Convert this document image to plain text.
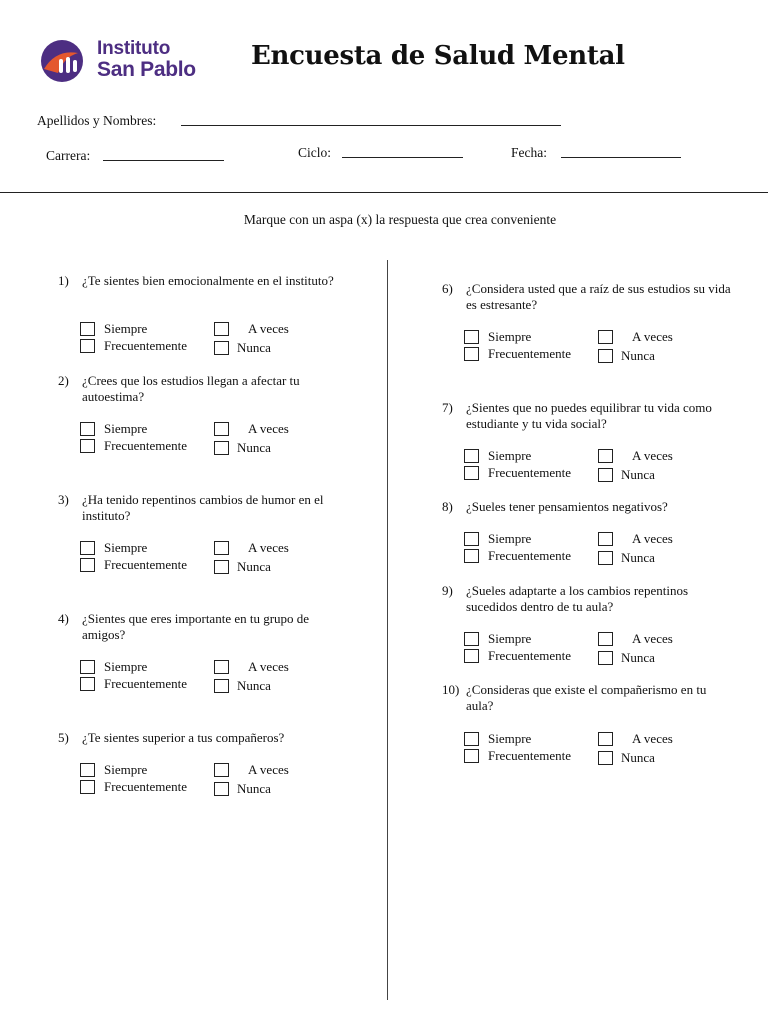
Instituto
San Pablo Encuesta de Salud Mental
Apellidos y Nombres:
Carrera:	Ciclo:	Fecha:
Marque con un aspa (x) la respuesta que crea conveniente
1) ¿Te sientes bien emocionalmente en el instituto?
Siempre	A veces
Frecuentemente	Nunca
2) ¿Crees que los estudios llegan a afectar tu autoestima?
Siempre	A veces
Frecuentemente	Nunca
3) ¿Ha tenido repentinos cambios de humor en el instituto?
Siempre	A veces
Frecuentemente	Nunca
4) ¿Sientes que eres importante en tu grupo de amigos?
Siempre	A veces
Frecuentemente	Nunca
5) ¿Te sientes superior a tus compañeros?
Siempre	A veces
Frecuentemente	Nunca
6) ¿Considera usted que a raíz de sus estudios su vida es estresante?
Siempre	A veces
Frecuentemente	Nunca
7) ¿Sientes que no puedes equilibrar tu vida como estudiante y tu vida social?
Siempre	A veces
Frecuentemente	Nunca
8) ¿Sueles tener pensamientos negativos?
Siempre	A veces
Frecuentemente	Nunca
9) ¿Sueles adaptarte a los cambios repentinos sucedidos dentro de tu aula?
Siempre	A veces
Frecuentemente	Nunca
10) ¿Consideras que existe el compañerismo en tu aula?
Siempre	A veces
Frecuentemente	Nunca
